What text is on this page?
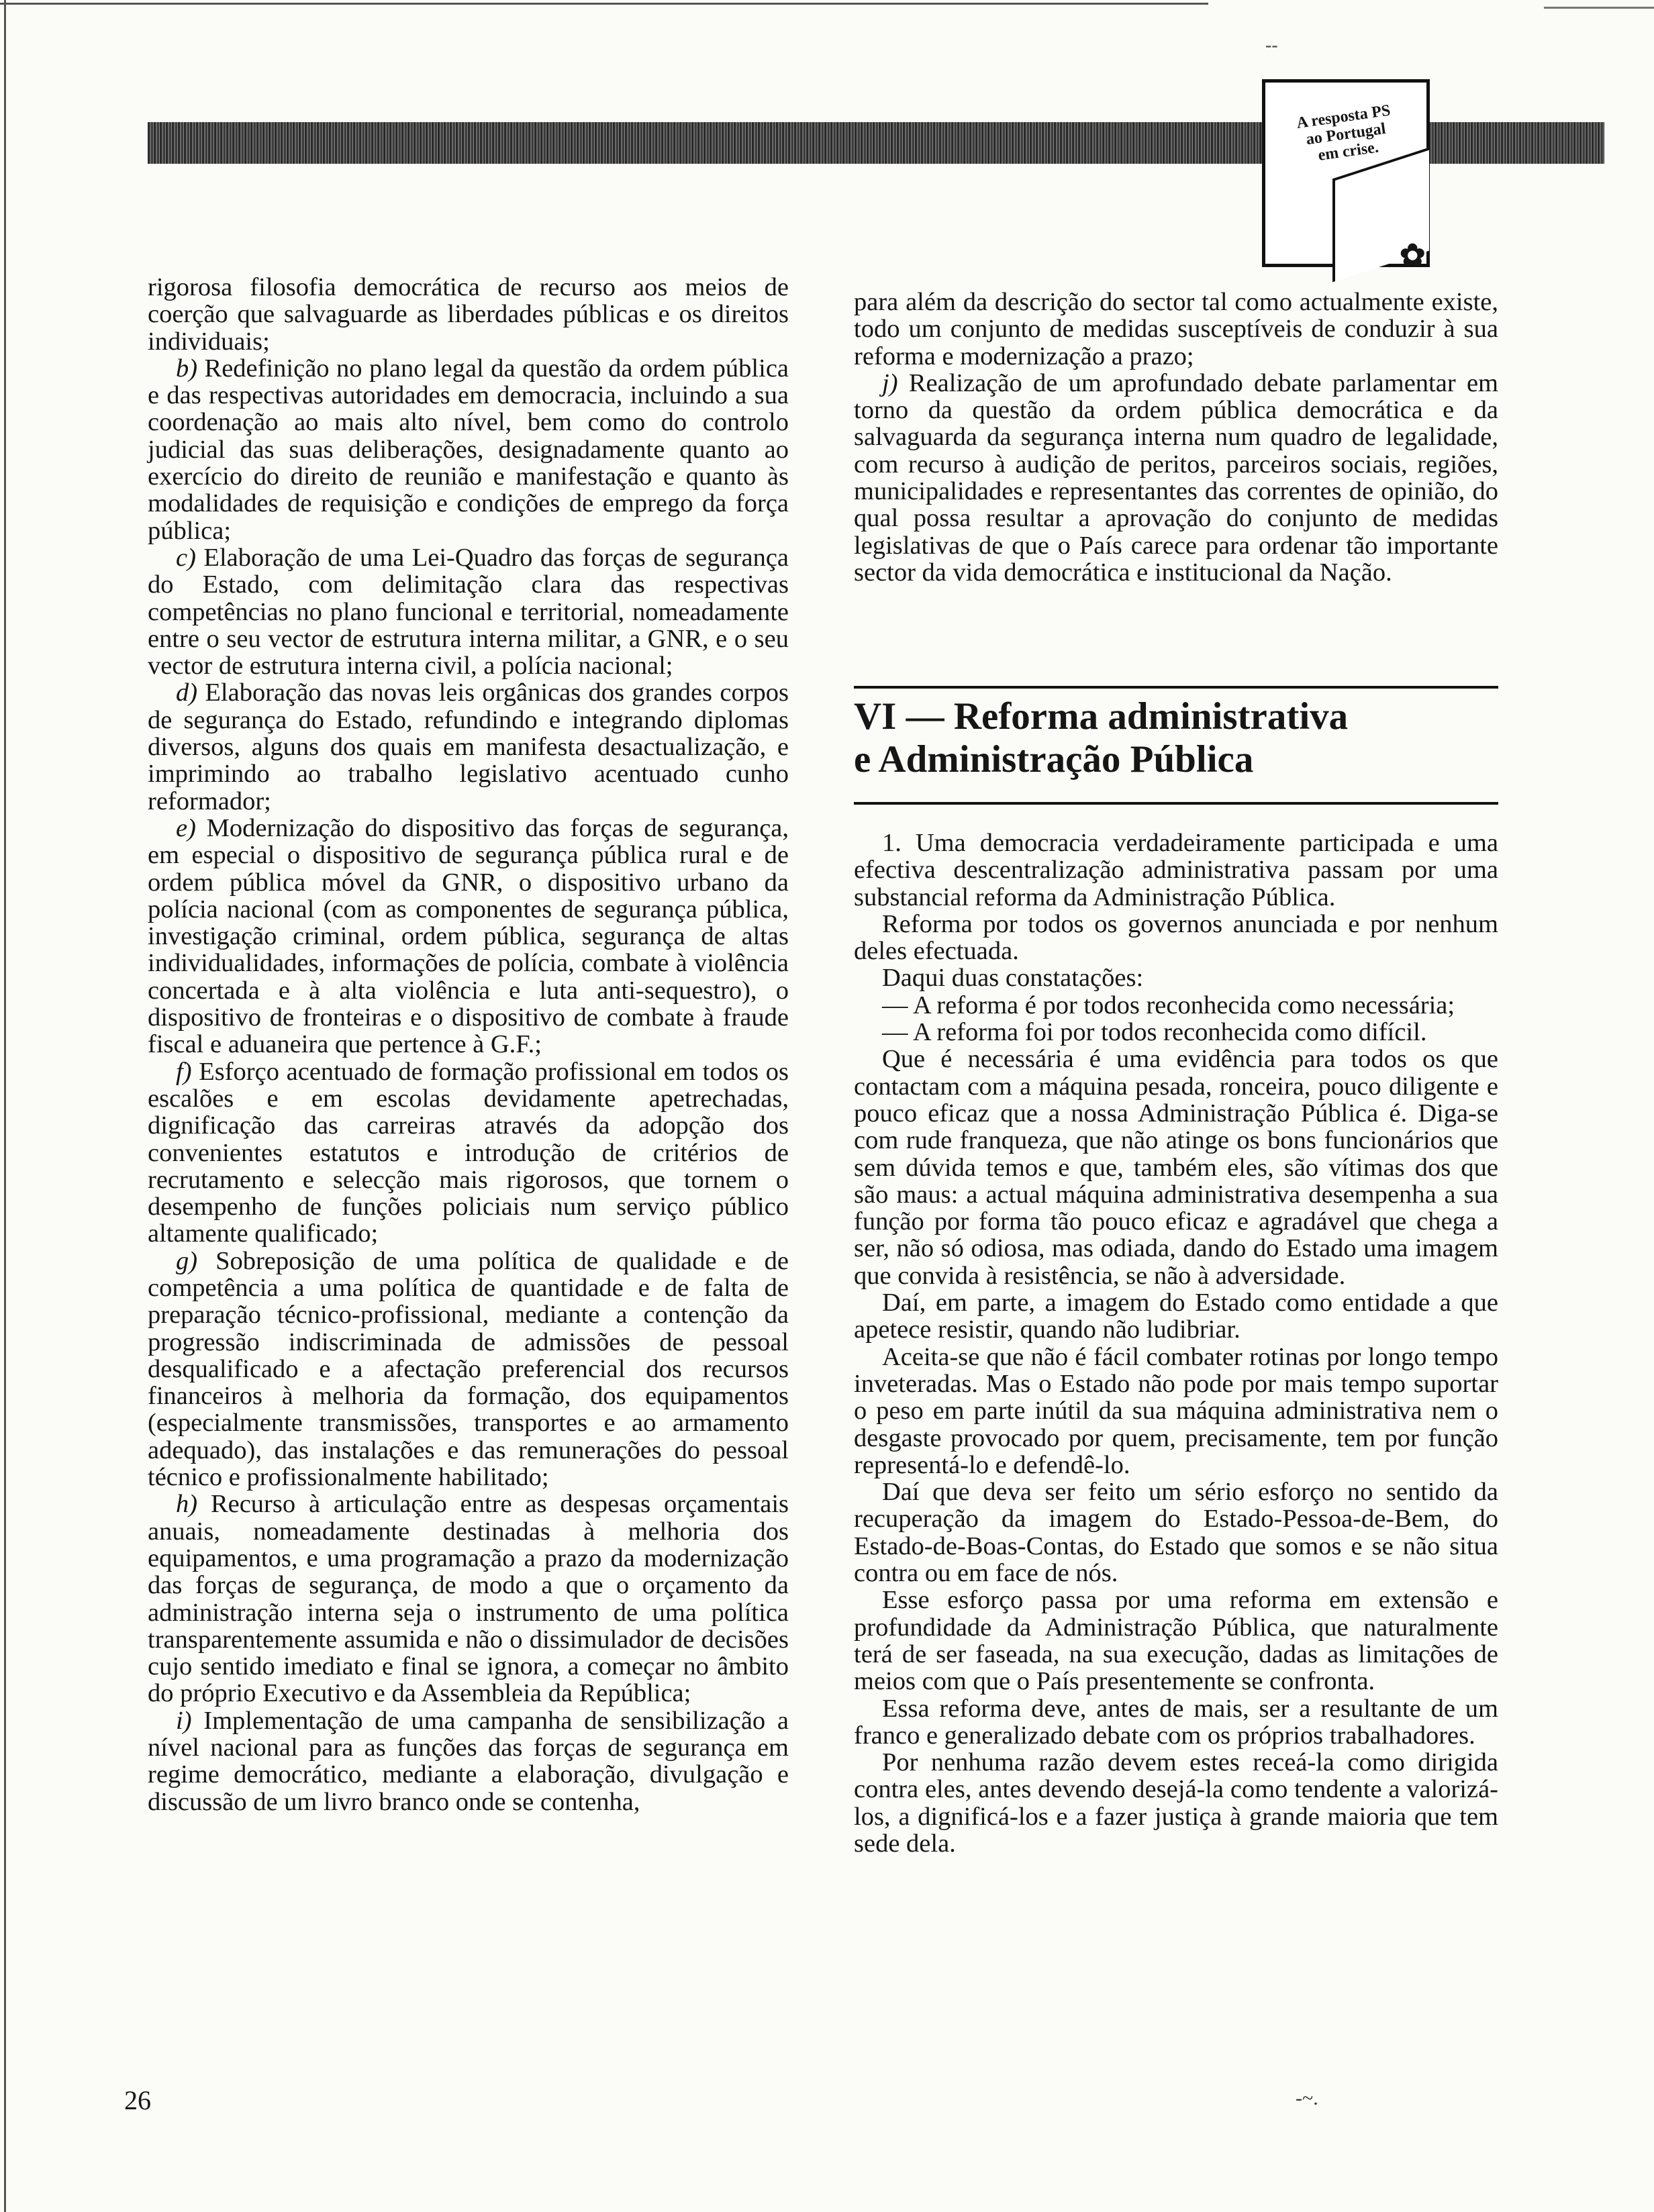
--
A resposta PS
ao Portugal
em crise.
✿

rigorosa filosofia democrática de recurso aos meios de coerção que salvaguarde as liberdades públicas e os direitos individuais;

b) Redefinição no plano legal da questão da ordem pública e das respectivas autoridades em democracia, incluindo a sua coordenação ao mais alto nível, bem como do controlo judicial das suas deliberações, designadamente quanto ao exercício do direito de reunião e manifestação e quanto às modalidades de requisição e condições de emprego da força pública;

c) Elaboração de uma Lei-Quadro das forças de segurança do Estado, com delimitação clara das respectivas competências no plano funcional e territorial, nomeadamente entre o seu vector de estrutura interna militar, a GNR, e o seu vector de estrutura interna civil, a polícia nacional;

d) Elaboração das novas leis orgânicas dos grandes corpos de segurança do Estado, refundindo e integrando diplomas diversos, alguns dos quais em manifesta desactualização, e imprimindo ao trabalho legislativo acentuado cunho reformador;

e) Modernização do dispositivo das forças de segurança, em especial o dispositivo de segurança pública rural e de ordem pública móvel da GNR, o dispositivo urbano da polícia nacional (com as componentes de segurança pública, investigação criminal, ordem pública, segurança de altas individualidades, informações de polícia, combate à violência concertada e à alta violência e luta anti-sequestro), o dispositivo de fronteiras e o dispositivo de combate à fraude fiscal e aduaneira que pertence à G.F.;

f) Esforço acentuado de formação profissional em todos os escalões e em escolas devidamente apetrechadas, dignificação das carreiras através da adopção dos convenientes estatutos e introdução de critérios de recrutamento e selecção mais rigorosos, que tornem o desempenho de funções policiais num serviço público altamente qualificado;

g) Sobreposição de uma política de qualidade e de competência a uma política de quantidade e de falta de preparação técnico-profissional, mediante a contenção da progressão indiscriminada de admissões de pessoal desqualificado e a afectação preferencial dos recursos financeiros à melhoria da formação, dos equipamentos (especialmente transmissões, transportes e ao armamento adequado), das instalações e das remunerações do pessoal técnico e profissionalmente habilitado;

h) Recurso à articulação entre as despesas orçamentais anuais, nomeadamente destinadas à melhoria dos equipamentos, e uma programação a prazo da modernização das forças de segurança, de modo a que o orçamento da administração interna seja o instrumento de uma política transparentemente assumida e não o dissimulador de decisões cujo sentido imediato e final se ignora, a começar no âmbito do próprio Executivo e da Assembleia da República;

i) Implementação de uma campanha de sensibilização a nível nacional para as funções das forças de segurança em regime democrático, mediante a elaboração, divulgação e discussão de um livro branco onde se contenha,

para além da descrição do sector tal como actualmente existe, todo um conjunto de medidas susceptíveis de conduzir à sua reforma e modernização a prazo;

j) Realização de um aprofundado debate parlamentar em torno da questão da ordem pública democrática e da salvaguarda da segurança interna num quadro de legalidade, com recurso à audição de peritos, parceiros sociais, regiões, municipalidades e representantes das correntes de opinião, do qual possa resultar a aprovação do conjunto de medidas legislativas de que o País carece para ordenar tão importante sector da vida democrática e institucional da Nação.

VI — Reforma administrativa
e Administração Pública

1. Uma democracia verdadeiramente participada e uma efectiva descentralização administrativa passam por uma substancial reforma da Administração Pública.

Reforma por todos os governos anunciada e por nenhum deles efectuada.

Daqui duas constatações:

— A reforma é por todos reconhecida como necessária;

— A reforma foi por todos reconhecida como difícil.

Que é necessária é uma evidência para todos os que contactam com a máquina pesada, ronceira, pouco diligente e pouco eficaz que a nossa Administração Pública é. Diga-se com rude franqueza, que não atinge os bons funcionários que sem dúvida temos e que, também eles, são vítimas dos que são maus: a actual máquina administrativa desempenha a sua função por forma tão pouco eficaz e agradável que chega a ser, não só odiosa, mas odiada, dando do Estado uma imagem que convida à resistência, se não à adversidade.

Daí, em parte, a imagem do Estado como entidade a que apetece resistir, quando não ludibriar.

Aceita-se que não é fácil combater rotinas por longo tempo inveteradas. Mas o Estado não pode por mais tempo suportar o peso em parte inútil da sua máquina administrativa nem o desgaste provocado por quem, precisamente, tem por função representá-lo e defendê-lo.

Daí que deva ser feito um sério esforço no sentido da recuperação da imagem do Estado-Pessoa-de-Bem, do Estado-de-Boas-Contas, do Estado que somos e se não situa contra ou em face de nós.

Esse esforço passa por uma reforma em extensão e profundidade da Administração Pública, que naturalmente terá de ser faseada, na sua execução, dadas as limitações de meios com que o País presentemente se confronta.

Essa reforma deve, antes de mais, ser a resultante de um franco e generalizado debate com os próprios trabalhadores.

Por nenhuma razão devem estes receá-la como dirigida contra eles, antes devendo desejá-la como tendente a valorizá-los, a dignificá-los e a fazer justiça à grande maioria que tem sede dela.

26	-~.
